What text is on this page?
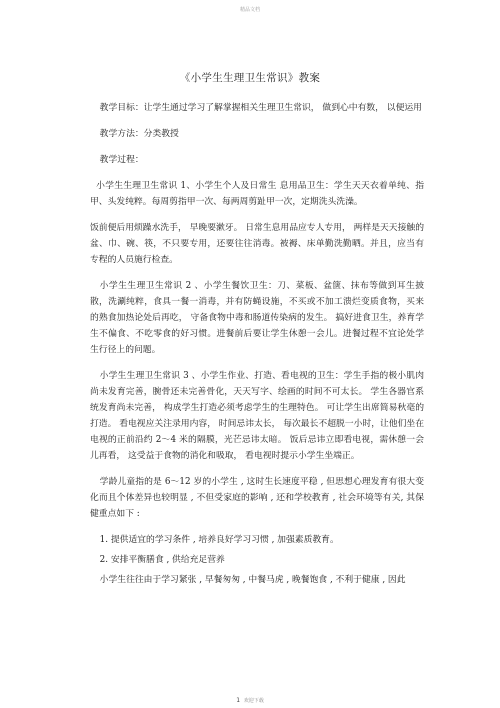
精品文档
《小学生生理卫生常识》教案

教学目标：让学生通过学习了解掌握相关生理卫生常识， 做到心中有数， 以便运用

教学方法：分类教授

教学过程：

小学生生理卫生常识 1、小学生个人及日常生 息用品卫生：学生天天衣着单纯、指甲、头发纯粹。每周剪指甲一次、每两周剪趾甲一次，定期洗头洗澡。

饭前便后用烦躁水洗手， 早晚要漱牙。 日常生息用品应专人专用， 两样是天天接触的盆、巾、碗、筷，不只要专用，还要往往消毒。被褥、床单勤洗勤晒。并且，应当有专程的人员施行检查。

小学生生理卫生常识 2 、小学生餐饮卫生：刀、菜板、盆箧、抹布等做到耳生披散，洗涮纯粹，食具一餐一消毒，并有防蝇设施，不买或不加工溃烂变质食物，买来的熟食加热论处后再吃， 守备食物中毒和肠道传染病的发生。 搞好进食卫生，养育学生不偏食、不吃零食的好习惯。进餐前后要让学生休憩一会儿。进餐过程不宜论处学生行径上的问题。

小学生生理卫生常识 3 、小学生作业、打造、看电视的卫生：学生手指的极小肌肉尚未发育完善，腕骨还未完善骨化，天天写字、绘画的时间不可太长。 学生各器官系统发育尚未完善， 构成学生打造必须考虑学生的生理特色。 可让学生出席简易秋毫的打造。 看电视应关注录用内容， 时间忌讳太长， 每次最长不超脱一小时，让他们坐在电视的正前沿约 2～4 米的隔膜，光芒忌讳太暗。 饭后忌讳立即看电视，需休憩一会儿再看， 这受益于食物的消化和吸取， 看电视时提示小学生坐端正。

学龄儿童指的是 6～12 岁的小学生 , 这时生长速度平稳 , 但思想心理发育有很大变化而且个体差异也较明显 , 不但受家庭的影响 , 还和学校教育 , 社会环境等有关, 其保健重点如下 :

1. 提供适宜的学习条件 , 培养良好学习习惯 , 加强素质教育。

2. 安排平衡膳食 , 供给充足营养

小学生往往由于学习紧张 , 早餐匆匆 , 中餐马虎 , 晚餐饱食 , 不利于健康 , 因此

1 欢迎下载
